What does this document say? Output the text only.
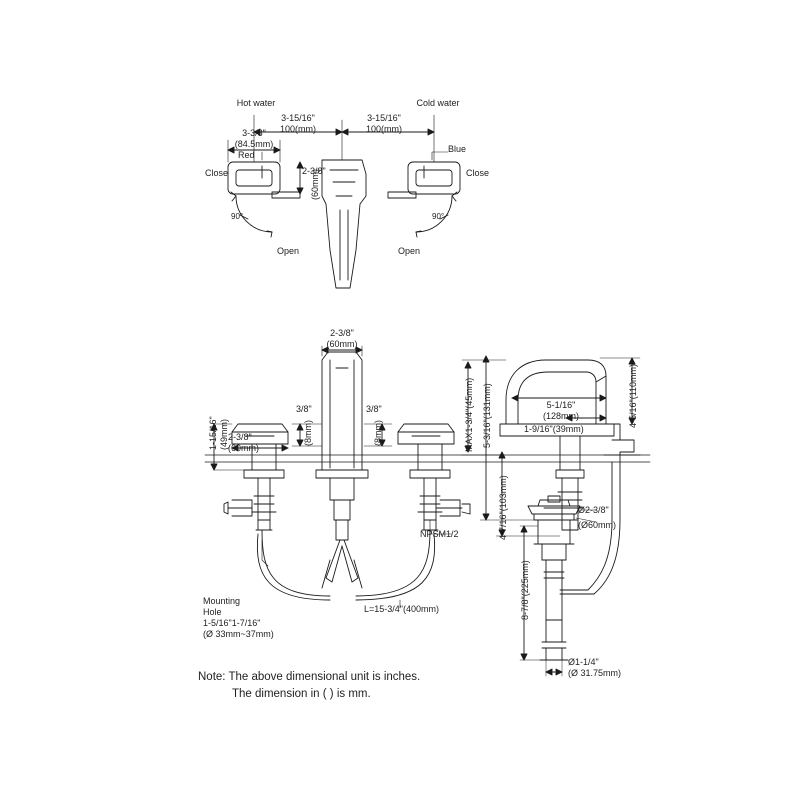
Hot water	Cold water
3-15/16"
100(mm)
3-15/16"
100(mm)
3-3/8"
(84.5mm)
Red
Blue
Close	Close
Open	Open
90°	90°
2-3/8"
(60mm)
2-3/8"
(60mm)
1-15/16" (49mm) 2-3/8"
(60mm)
3/8"
(8mm)
3/8"
(8mm)	MAX1-3/4"(45mm) 5-3/16"(131mm)
4-7/16"(103mm)
4-5/16"(110mm)
5-1/16"
(128mm)
1-9/16"(39mm)
NPSM1/2
L=15-3/4"(400mm)
Mounting
Hole
1-5/16"1-7/16"
(Ø 33mm~37mm)
Ø2-3/8"
(Ø60mm)
8-7/8"(225mm)
Ø1-1/4"
(Ø 31.75mm)
Note: The above dimensional unit is inches.
The dimension in ( ) is mm.
